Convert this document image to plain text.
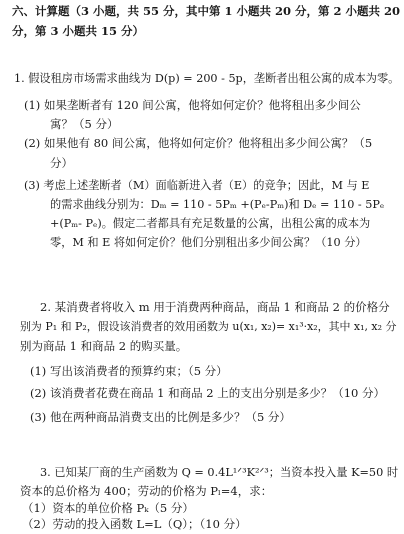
六、计算题（3 小题，共 55 分，其中第 1 小题共 20 分，第 2 小题共 20
分，第 3 小题共 15 分）
1. 假设租房市场需求曲线为 D(p) = 200 - 5p，垄断者出租公寓的成本为零。
(1) 如果垄断者有 120 间公寓，他将如何定价？他将租出多少间公
寓？（5 分）
(2) 如果他有 80 间公寓，他将如何定价？他将租出多少间公寓？（5
分）
(3) 考虑上述垄断者（M）面临新进入者（E）的竞争；因此，M 与 E
的需求曲线分别为：Dₘ = 110 - 5Pₘ +(Pₑ-Pₘ)和 Dₑ = 110 - 5Pₑ
+(Pₘ- Pₑ)。假定二者都具有充足数量的公寓，出租公寓的成本为
零，M 和 E 将如何定价？他们分别租出多少间公寓？（10 分）
2. 某消费者将收入 m 用于消费两种商品，商品 1 和商品 2 的价格分
别为 P₁ 和 P₂，假设该消费者的效用函数为 u(x₁, x₂)= x₁³·x₂，其中 x₁, x₂ 分
别为商品 1 和商品 2 的购买量。
(1) 写出该消费者的预算约束；（5 分）
(2) 该消费者花费在商品 1 和商品 2 上的支出分别是多少？（10 分）
(3) 他在两种商品消费支出的比例是多少？（5 分）
3. 已知某厂商的生产函数为 Q = 0.4L¹ᐟ³K²ᐟ³；当资本投入量 K=50 时
资本的总价格为 400；劳动的价格为 Pₗ=4，求：
（1）资本的单位价格 Pₖ（5 分）
（2）劳动的投入函数 L=L（Q）；（10 分）
